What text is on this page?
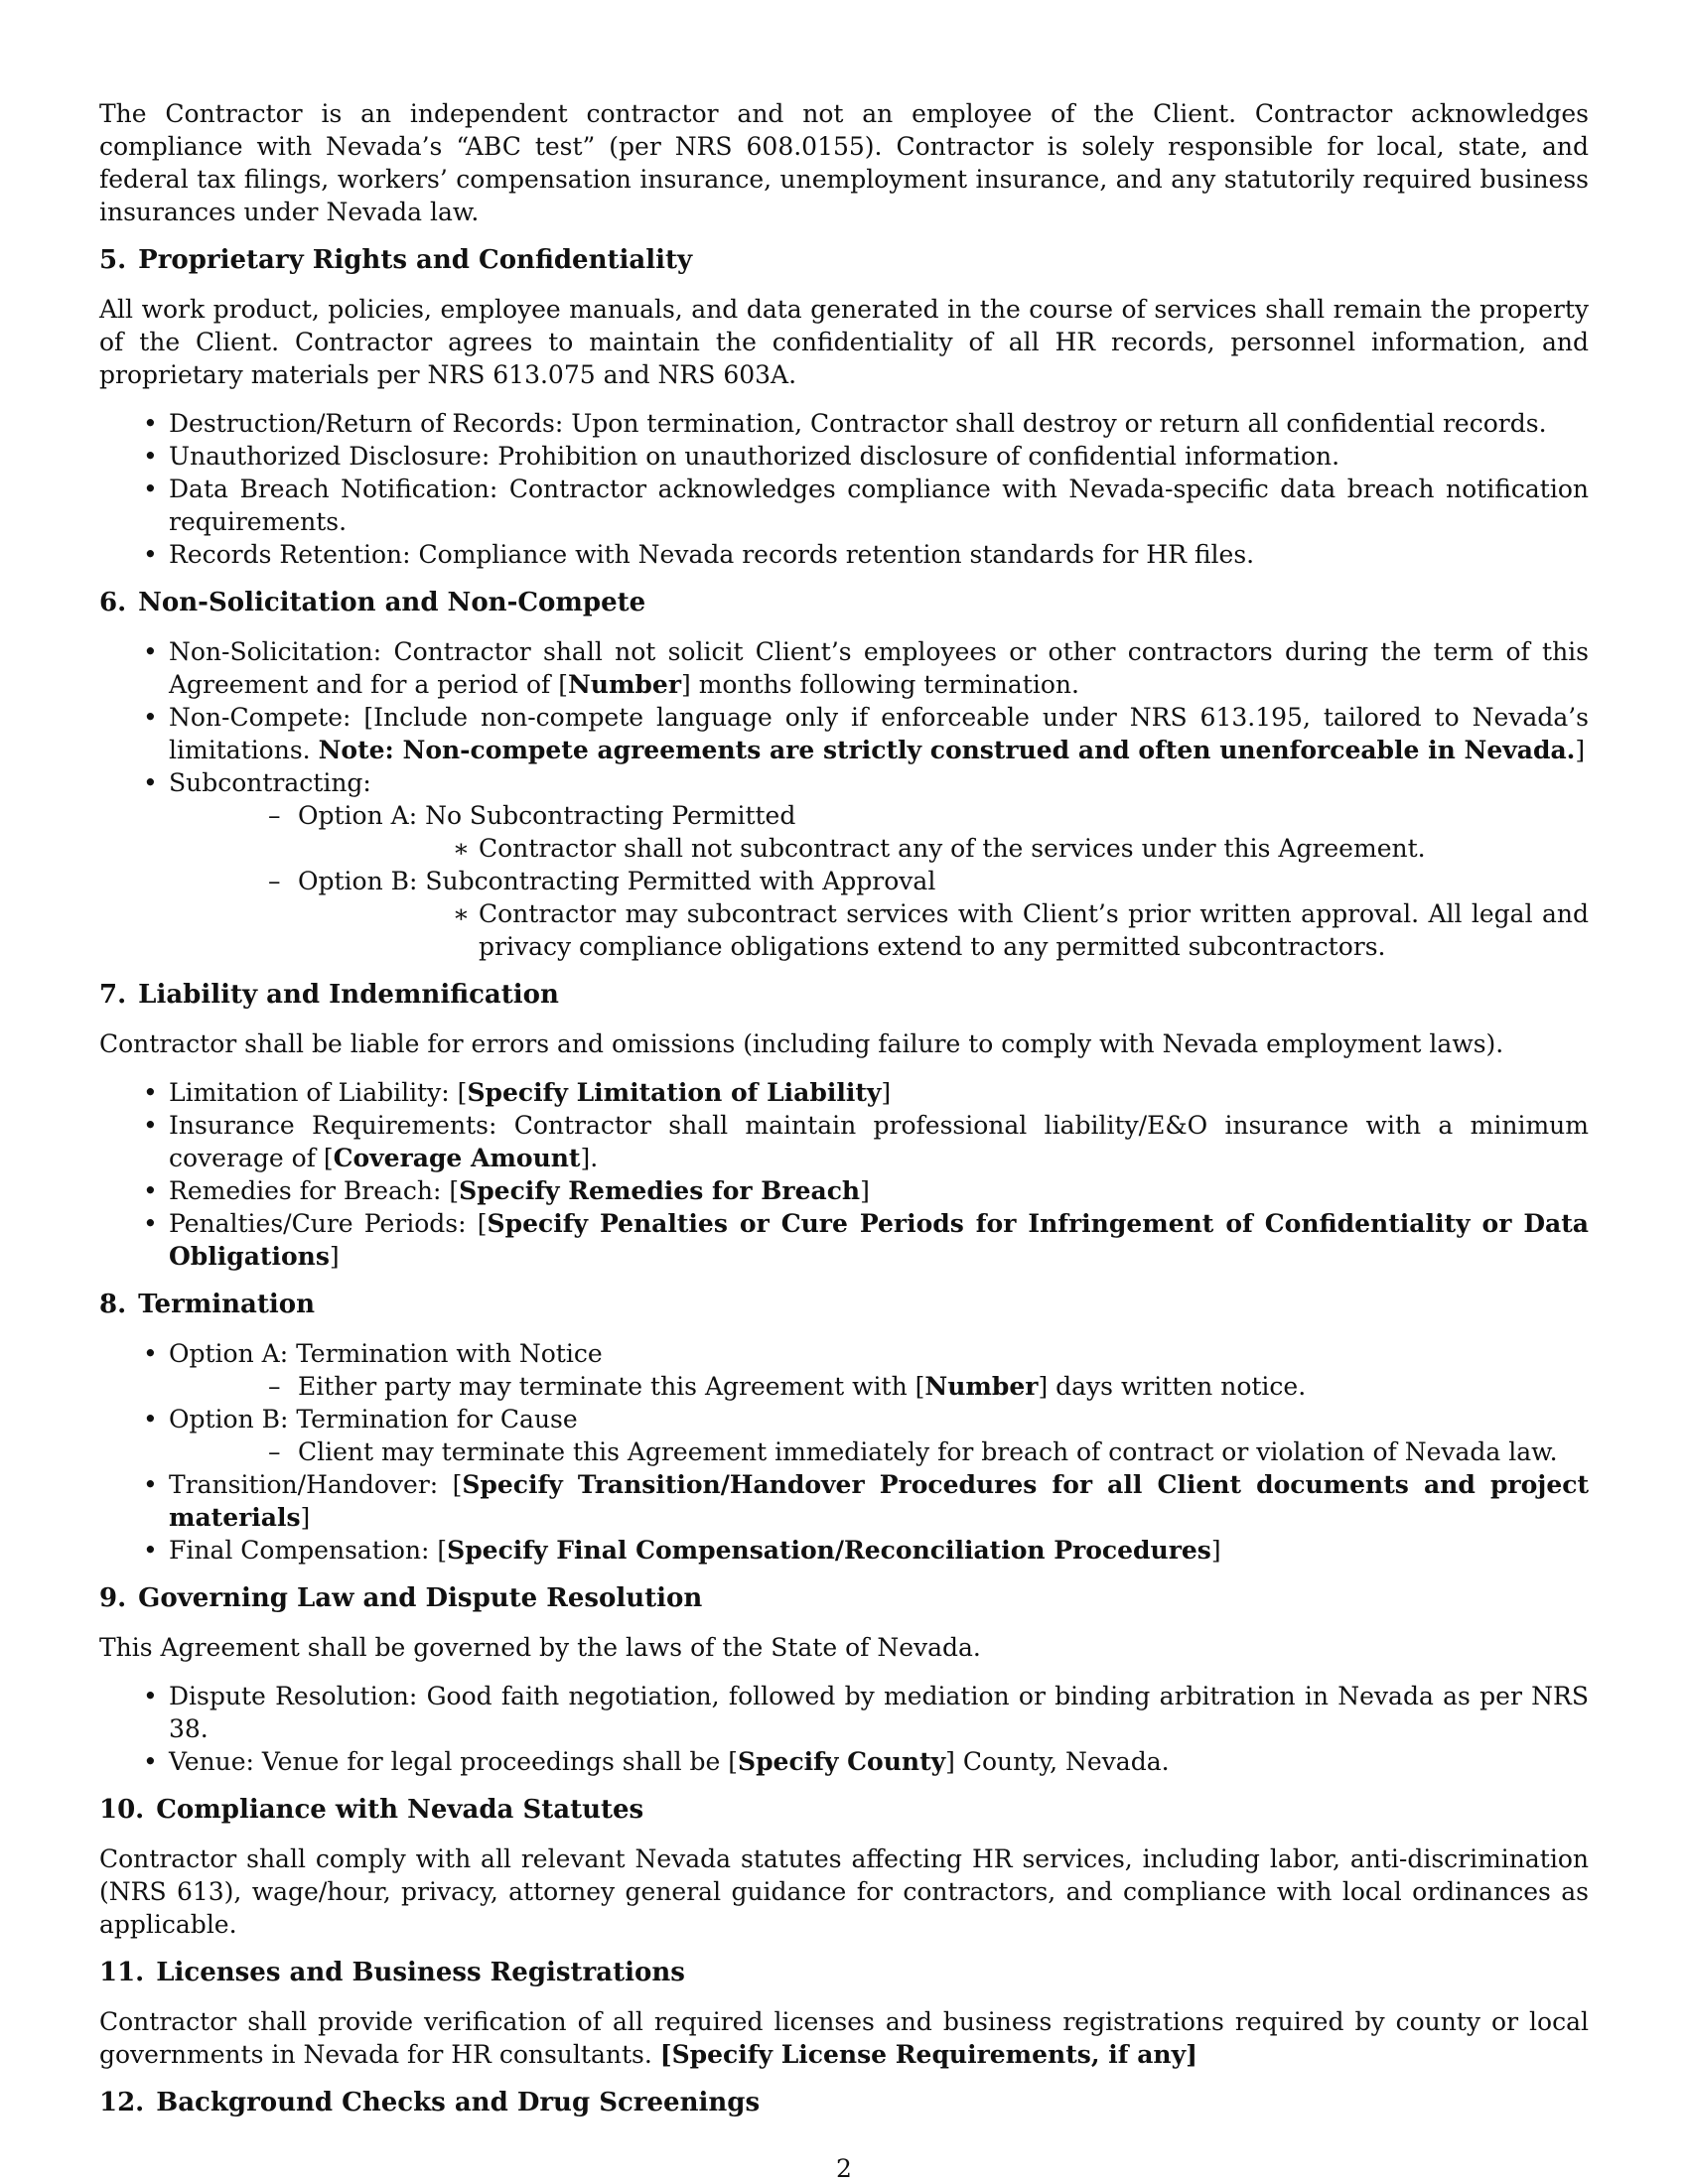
The Contractor is an independent contractor and not an employee of the Client. Contractor acknowledges compliance with Nevada’s “ABC test” (per NRS 608.0155). Contractor is solely responsible for local, state, and federal tax filings, workers’ compensation insurance, unemployment insurance, and any statutorily required business insurances under Nevada law.

5. Proprietary Rights and Confidentiality

All work product, policies, employee manuals, and data generated in the course of services shall remain the property of the Client. Contractor agrees to maintain the confidentiality of all HR records, personnel information, and proprietary materials per NRS 613.075 and NRS 603A.

• Destruction/Return of Records: Upon termination, Contractor shall destroy or return all confidential records.
• Unauthorized Disclosure: Prohibition on unauthorized disclosure of confidential information.
• Data Breach Notification: Contractor acknowledges compliance with Nevada-specific data breach notification requirements.
• Records Retention: Compliance with Nevada records retention standards for HR files.
6. Non-Solicitation and Non-Compete
• Non-Solicitation: Contractor shall not solicit Client’s employees or other contractors during the term of this Agreement and for a period of [Number] months following termination.
• Non-Compete: [Include non-compete language only if enforceable under NRS 613.195, tailored to Nevada’s limitations. Note: Non-compete agreements are strictly construed and often unenforceable in Nevada.]
• Subcontracting:
– Option A: No Subcontracting Permitted
∗ Contractor shall not subcontract any of the services under this Agreement.
– Option B: Subcontracting Permitted with Approval
∗ Contractor may subcontract services with Client’s prior written approval. All legal and privacy compliance obligations extend to any permitted subcontractors.
7. Liability and Indemnification

Contractor shall be liable for errors and omissions (including failure to comply with Nevada employment laws).

• Limitation of Liability: [Specify Limitation of Liability]
• Insurance Requirements: Contractor shall maintain professional liability/E&O insurance with a minimum coverage of [Coverage Amount].
• Remedies for Breach: [Specify Remedies for Breach]
• Penalties/Cure Periods: [Specify Penalties or Cure Periods for Infringement of Confidentiality or Data Obligations]
8. Termination
• Option A: Termination with Notice
– Either party may terminate this Agreement with [Number] days written notice.
• Option B: Termination for Cause
– Client may terminate this Agreement immediately for breach of contract or violation of Nevada law.
• Transition/Handover: [Specify Transition/Handover Procedures for all Client documents and project materials]
• Final Compensation: [Specify Final Compensation/Reconciliation Procedures]
9. Governing Law and Dispute Resolution

This Agreement shall be governed by the laws of the State of Nevada.

• Dispute Resolution: Good faith negotiation, followed by mediation or binding arbitration in Nevada as per NRS 38.
• Venue: Venue for legal proceedings shall be [Specify County] County, Nevada.
10. Compliance with Nevada Statutes

Contractor shall comply with all relevant Nevada statutes affecting HR services, including labor, anti-discrimination (NRS 613), wage/hour, privacy, attorney general guidance for contractors, and compliance with local ordinances as applicable.

11. Licenses and Business Registrations

Contractor shall provide verification of all required licenses and business registrations required by county or local governments in Nevada for HR consultants. [Specify License Requirements, if any]

12. Background Checks and Drug Screenings
2
